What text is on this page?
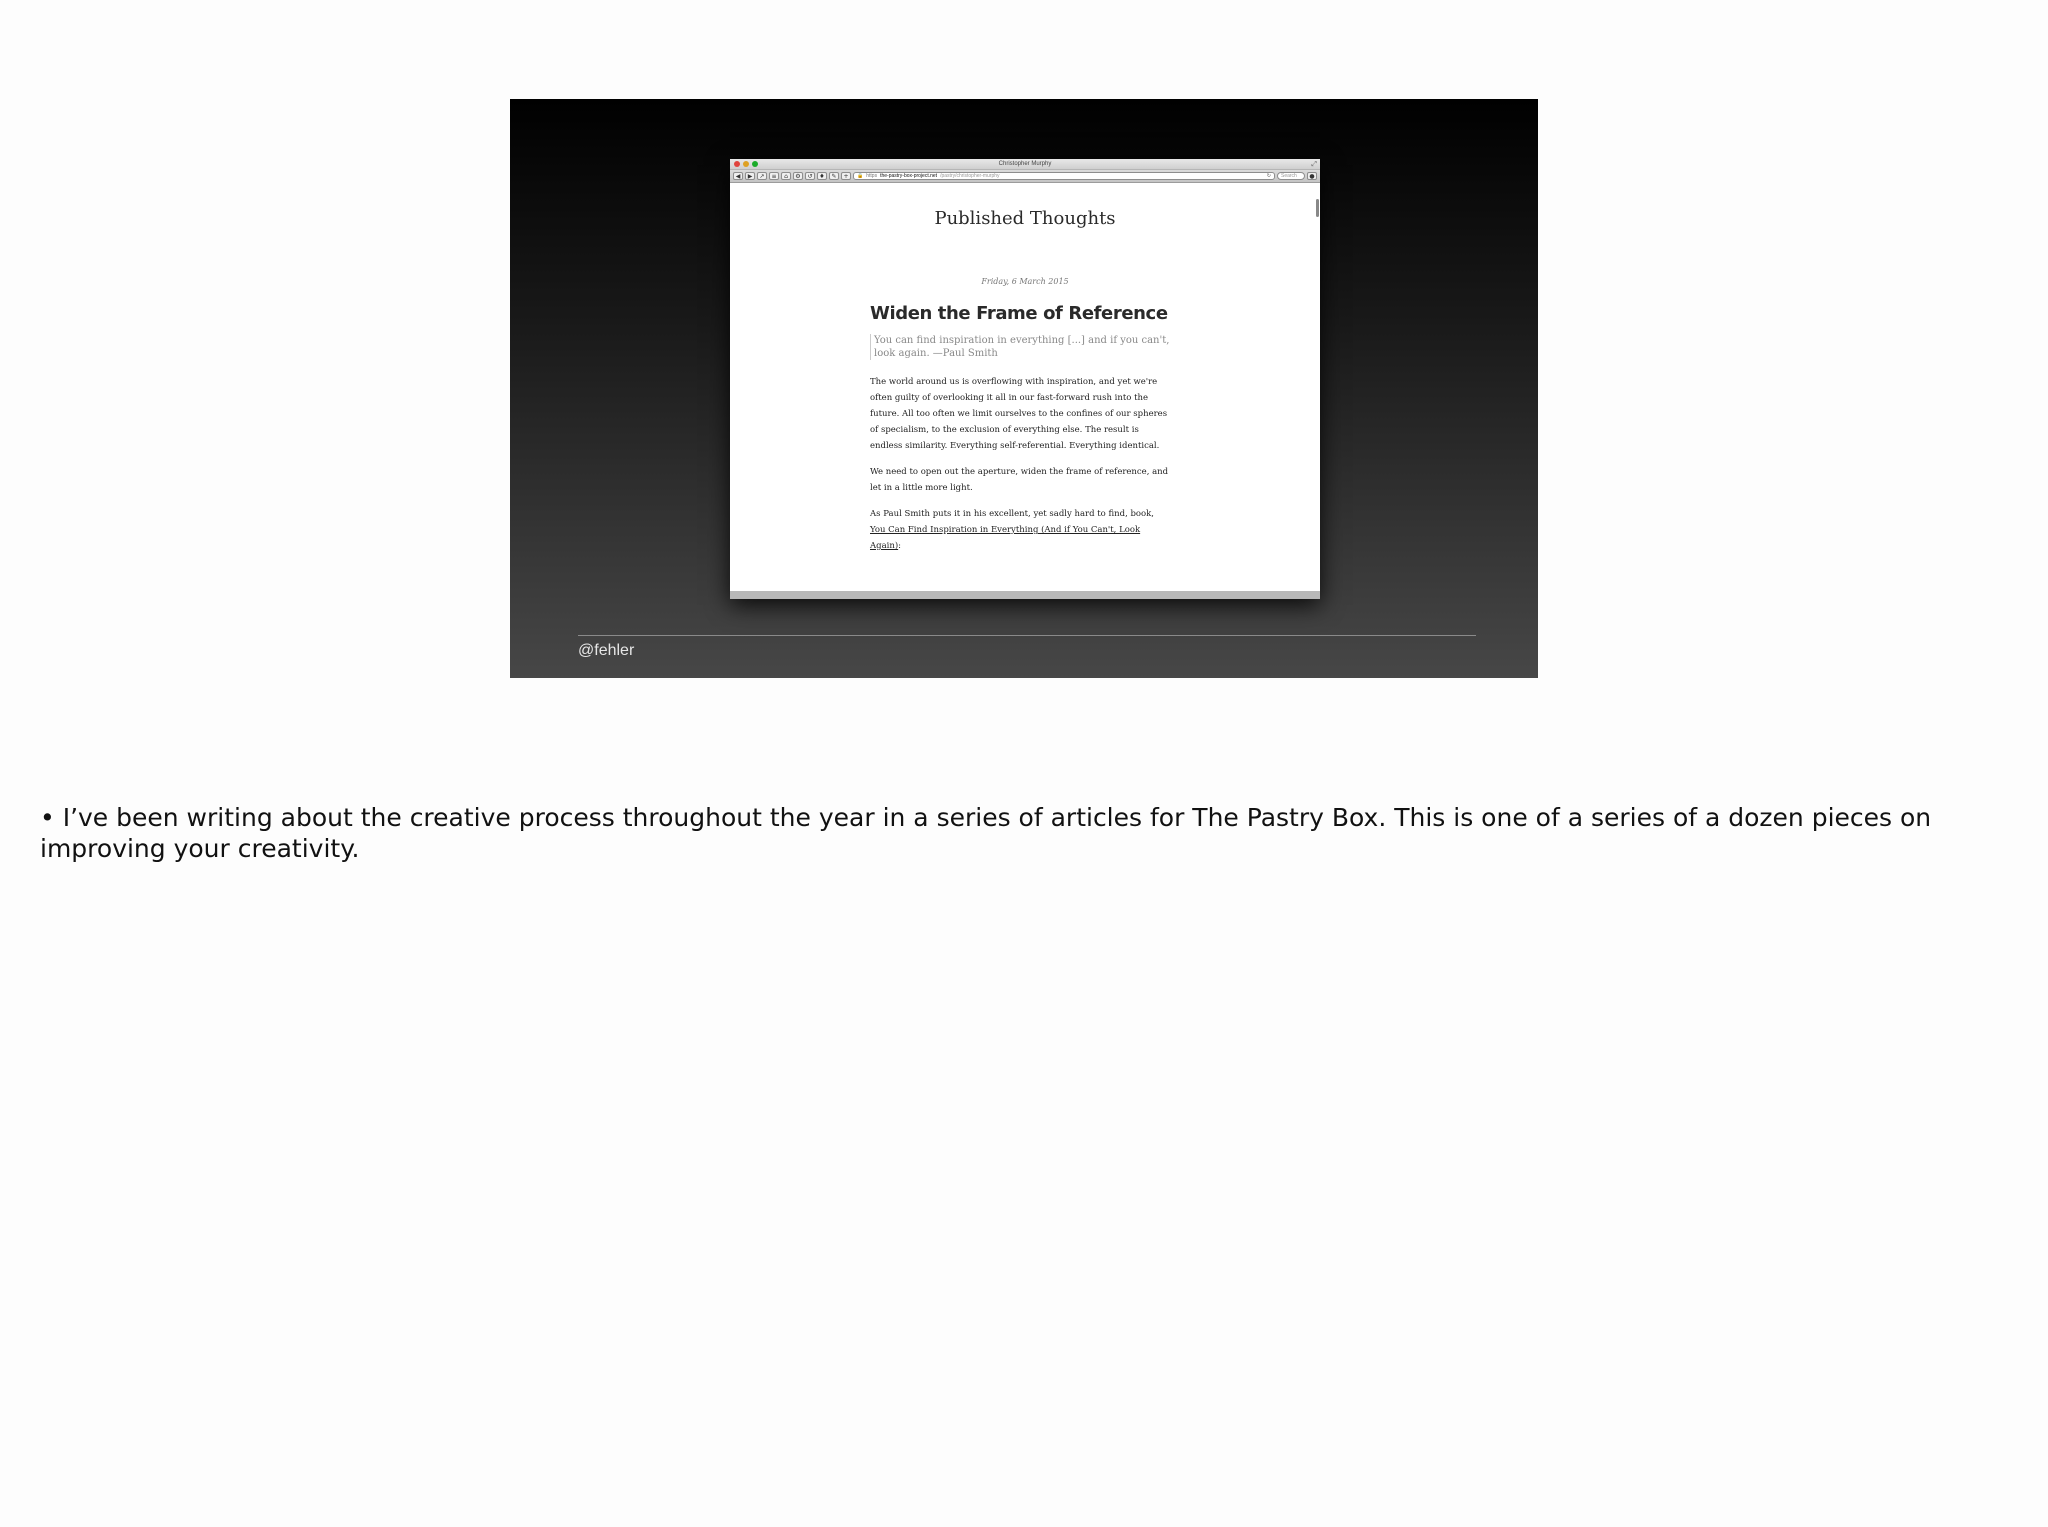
Christopher Murphy	⤢
◀	▶	↗	≡	⌂	⚙	↺	♦	✎	+	🔒 https the-pastry-box-project.net /pastry/christopher-murphy	↻	Search	●
Published Thoughts
Friday, 6 March 2015
Widen the Frame of Reference
You can find inspiration in everything [...] and if you can't, look again. —Paul Smith

The world around us is overflowing with inspiration, and yet we're often guilty of overlooking it all in our fast-forward rush into the future. All too often we limit ourselves to the confines of our spheres of specialism, to the exclusion of everything else. The result is endless similarity. Everything self-referential. Everything identical.

We need to open out the aperture, widen the frame of reference, and let in a little more light.

As Paul Smith puts it in his excellent, yet sadly hard to find, book, You Can Find Inspiration in Everything (And if You Can't, Look Again):

@fehler
• I’ve been writing about the creative process throughout the year in a series of articles for The Pastry Box. This is one of a series of a dozen pieces on improving your creativity.
